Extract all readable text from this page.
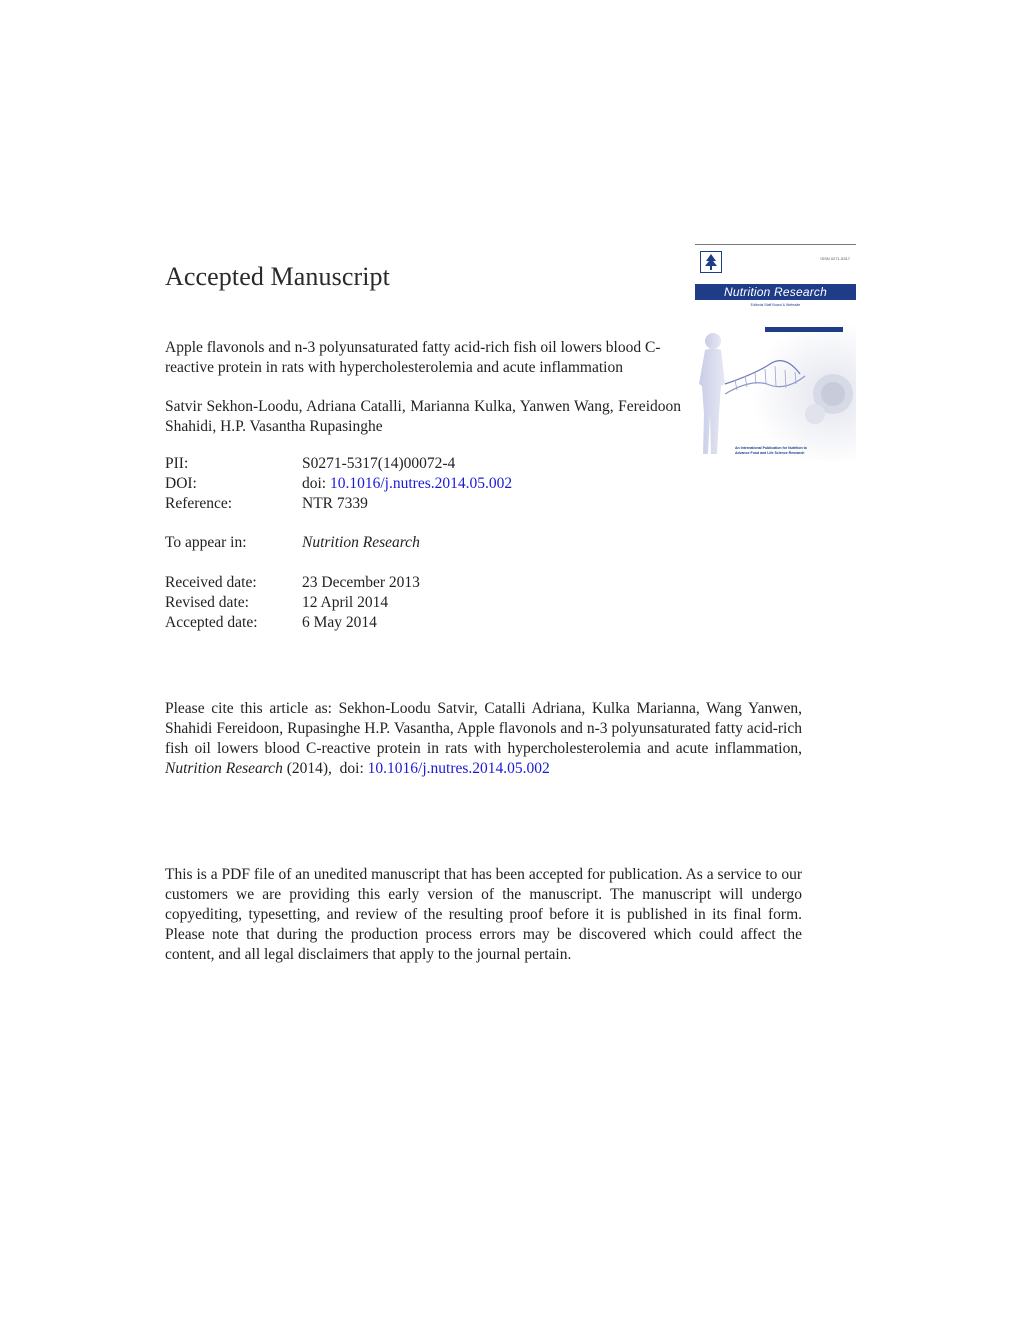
Accepted Manuscript
ISSN 0271-5317
Nutrition Research
Editorial Staff Board & Webssite
An International Publication for Nutrition to
Advance Food and Life Science Research

Apple flavonols and n-3 polyunsaturated fatty acid-rich fish oil lowers blood C-reactive protein in rats with hypercholesterolemia and acute inflammation

Satvir Sekhon-Loodu, Adriana Catalli, Marianna Kulka, Yanwen Wang, Fereidoon Shahidi, H.P. Vasantha Rupasinghe

PII:	S0271-5317(14)00072-4
DOI:	doi: 10.1016/j.nutres.2014.05.002
Reference:	NTR 7339
To appear in:	Nutrition Research
Received date:	23 December 2013
Revised date:	12 April 2014
Accepted date:	6 May 2014

Please cite this article as: Sekhon-Loodu Satvir, Catalli Adriana, Kulka Marianna, Wang Yanwen, Shahidi Fereidoon, Rupasinghe H.P. Vasantha, Apple flavonols and n-3 polyunsaturated fatty acid-rich fish oil lowers blood C-reactive protein in rats with hypercholesterolemia and acute inflammation, Nutrition Research (2014), doi: 10.1016/j.nutres.2014.05.002

This is a PDF file of an unedited manuscript that has been accepted for publication. As a service to our customers we are providing this early version of the manuscript. The manuscript will undergo copyediting, typesetting, and review of the resulting proof before it is published in its final form. Please note that during the production process errors may be discovered which could affect the content, and all legal disclaimers that apply to the journal pertain.
